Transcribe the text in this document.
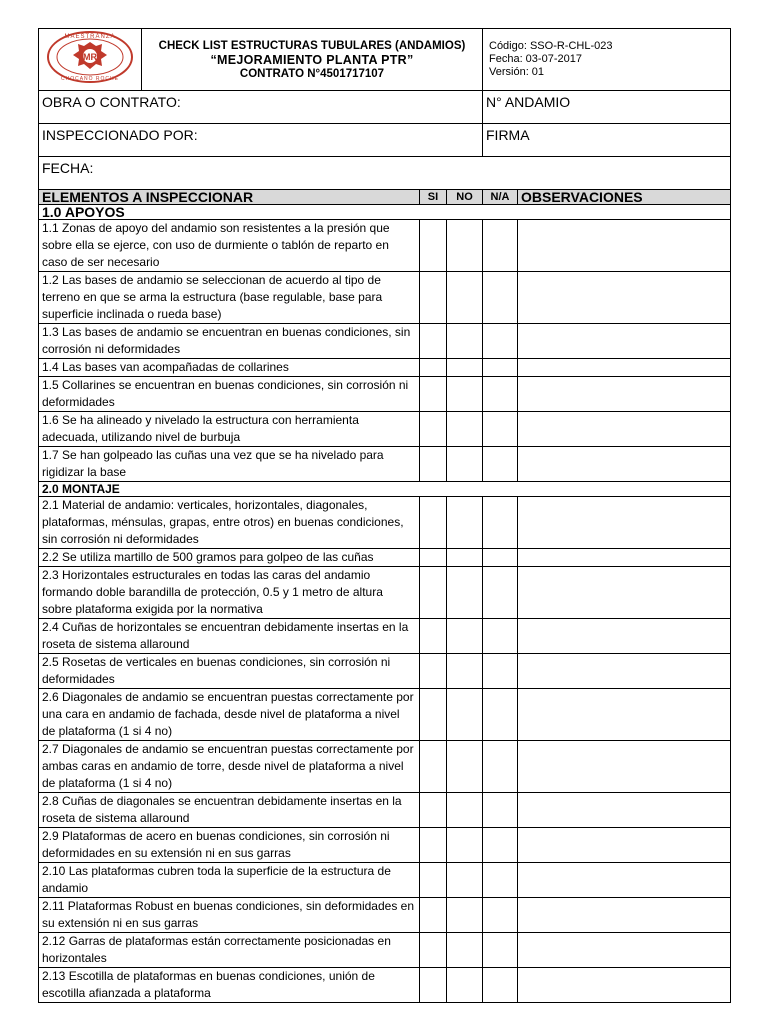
MR
MAESTRANZA
CHOCANO ROCHE

CHECK LIST ESTRUCTURAS TUBULARES (ANDAMIOS)
“MEJORAMIENTO PLANTA PTR”
CONTRATO N°4501717107

Código: SSO-R-CHL-023
Fecha: 03-07-2017
Versión: 01
OBRA O CONTRATO:	N° ANDAMIO
INSPECCIONADO POR:	FIRMA
FECHA:	
ELEMENTOS A INSPECCIONAR	SI	NO	N/A	OBSERVACIONES
1.0 APOYOS				
1.1 Zonas de apoyo del andamio son resistentes a la presión que sobre ella se ejerce, con uso de durmiente o tablón de reparto en caso de ser necesario				
1.2 Las bases de andamio se seleccionan de acuerdo al tipo de terreno en que se arma la estructura (base regulable, base para superficie inclinada o rueda base)				
1.3 Las bases de andamio se encuentran en buenas condiciones, sin corrosión ni deformidades				
1.4 Las bases van acompañadas de collarines				
1.5 Collarines se encuentran en buenas condiciones, sin corrosión ni deformidades				
1.6 Se ha alineado y nivelado la estructura con herramienta adecuada, utilizando nivel de burbuja				
1.7 Se han golpeado las cuñas una vez que se ha nivelado para rigidizar la base				
2.0 MONTAJE				
2.1 Material de andamio: verticales, horizontales, diagonales, plataformas, ménsulas, grapas, entre otros) en buenas condiciones, sin corrosión ni deformidades				
2.2 Se utiliza martillo de 500 gramos para golpeo de las cuñas				
2.3 Horizontales estructurales en todas las caras del andamio formando doble barandilla de protección, 0.5 y 1 metro de altura sobre plataforma exigida por la normativa				
2.4 Cuñas de horizontales se encuentran debidamente insertas en la roseta de sistema allaround				
2.5 Rosetas de verticales en buenas condiciones, sin corrosión ni deformidades				
2.6 Diagonales de andamio se encuentran puestas correctamente por una cara en andamio de fachada, desde nivel de plataforma a nivel de plataforma (1 si 4 no)				
2.7 Diagonales de andamio se encuentran puestas correctamente por ambas caras en andamio de torre, desde nivel de plataforma a nivel de plataforma (1 si 4 no)				
2.8 Cuñas de diagonales se encuentran debidamente insertas en la roseta de sistema allaround				
2.9 Plataformas de acero en buenas condiciones, sin corrosión ni deformidades en su extensión ni en sus garras				
2.10 Las plataformas cubren toda la superficie de la estructura de andamio				
2.11 Plataformas Robust en buenas condiciones, sin deformidades en su extensión ni en sus garras				
2.12 Garras de plataformas están correctamente posicionadas en horizontales				
2.13 Escotilla de plataformas en buenas condiciones, unión de escotilla afianzada a plataforma				
